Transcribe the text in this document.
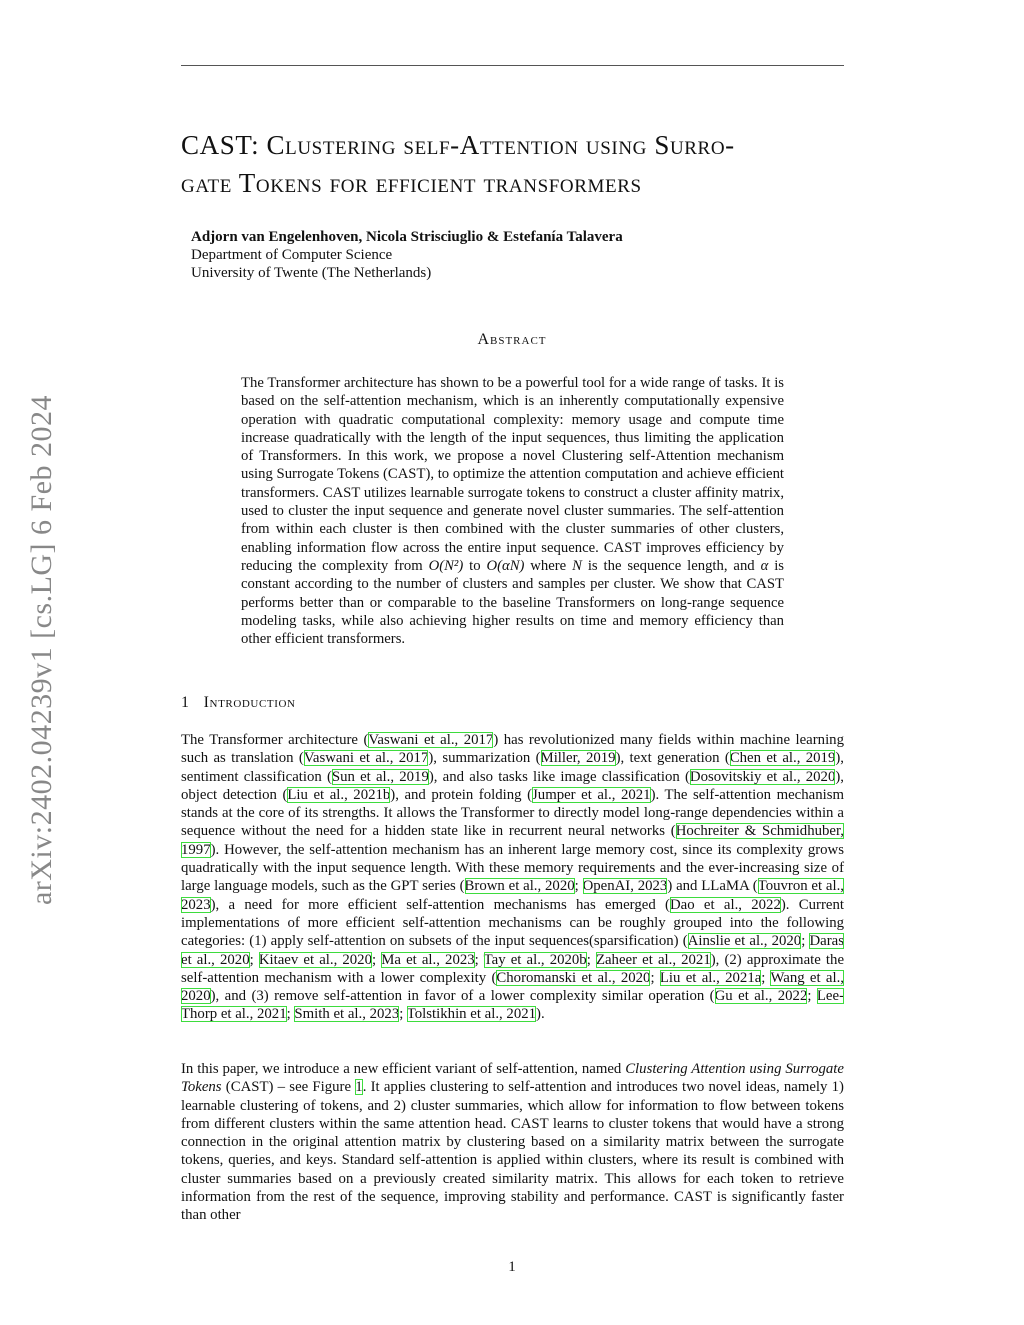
arXiv:2402.04239v1 [cs.LG] 6 Feb 2024
CAST: Clustering self-Attention using Surro-
gate Tokens for efficient transformers
Adjorn van Engelenhoven, Nicola Strisciuglio & Estefanía Talavera
Department of Computer Science
University of Twente (The Netherlands)
Abstract
The Transformer architecture has shown to be a powerful tool for a wide range of tasks. It is based on the self-attention mechanism, which is an inherently computationally expensive operation with quadratic computational complexity: memory usage and compute time increase quadratically with the length of the input sequences, thus limiting the application of Transformers. In this work, we propose a novel Clustering self-Attention mechanism using Surrogate Tokens (CAST), to optimize the attention computation and achieve efficient transformers. CAST utilizes learnable surrogate tokens to construct a cluster affinity matrix, used to cluster the input sequence and generate novel cluster summaries. The self-attention from within each cluster is then combined with the cluster summaries of other clusters, enabling information flow across the entire input sequence. CAST improves efficiency by reducing the complexity from O(N²) to O(αN) where N is the sequence length, and α is constant according to the number of clusters and samples per cluster. We show that CAST performs better than or comparable to the baseline Transformers on long-range sequence modeling tasks, while also achieving higher results on time and memory efficiency than other efficient transformers.
1 Introduction
The Transformer architecture (Vaswani et al., 2017) has revolutionized many fields within machine learning such as translation (Vaswani et al., 2017), summarization (Miller, 2019), text generation (Chen et al., 2019), sentiment classification (Sun et al., 2019), and also tasks like image classification (Dosovitskiy et al., 2020), object detection (Liu et al., 2021b), and protein folding (Jumper et al., 2021). The self-attention mechanism stands at the core of its strengths. It allows the Transformer to directly model long-range dependencies within a sequence without the need for a hidden state like in recurrent neural networks (Hochreiter & Schmidhuber, 1997). However, the self-attention mechanism has an inherent large memory cost, since its complexity grows quadratically with the input sequence length. With these memory requirements and the ever-increasing size of large language models, such as the GPT series (Brown et al., 2020; OpenAI, 2023) and LLaMA (Touvron et al., 2023), a need for more efficient self-attention mechanisms has emerged (Dao et al., 2022). Current implementations of more efficient self-attention mechanisms can be roughly grouped into the following categories: (1) apply self-attention on subsets of the input sequences(sparsification) (Ainslie et al., 2020; Daras et al., 2020; Kitaev et al., 2020; Ma et al., 2023; Tay et al., 2020b; Zaheer et al., 2021), (2) approximate the self-attention mechanism with a lower complexity (Choromanski et al., 2020; Liu et al., 2021a; Wang et al., 2020), and (3) remove self-attention in favor of a lower complexity similar operation (Gu et al., 2022; Lee-Thorp et al., 2021; Smith et al., 2023; Tolstikhin et al., 2021).
In this paper, we introduce a new efficient variant of self-attention, named Clustering Attention using Surrogate Tokens (CAST) – see Figure 1. It applies clustering to self-attention and introduces two novel ideas, namely 1) learnable clustering of tokens, and 2) cluster summaries, which allow for information to flow between tokens from different clusters within the same attention head. CAST learns to cluster tokens that would have a strong connection in the original attention matrix by clustering based on a similarity matrix between the surrogate tokens, queries, and keys. Standard self-attention is applied within clusters, where its result is combined with cluster summaries based on a previously created similarity matrix. This allows for each token to retrieve information from the rest of the sequence, improving stability and performance. CAST is significantly faster than other
1
